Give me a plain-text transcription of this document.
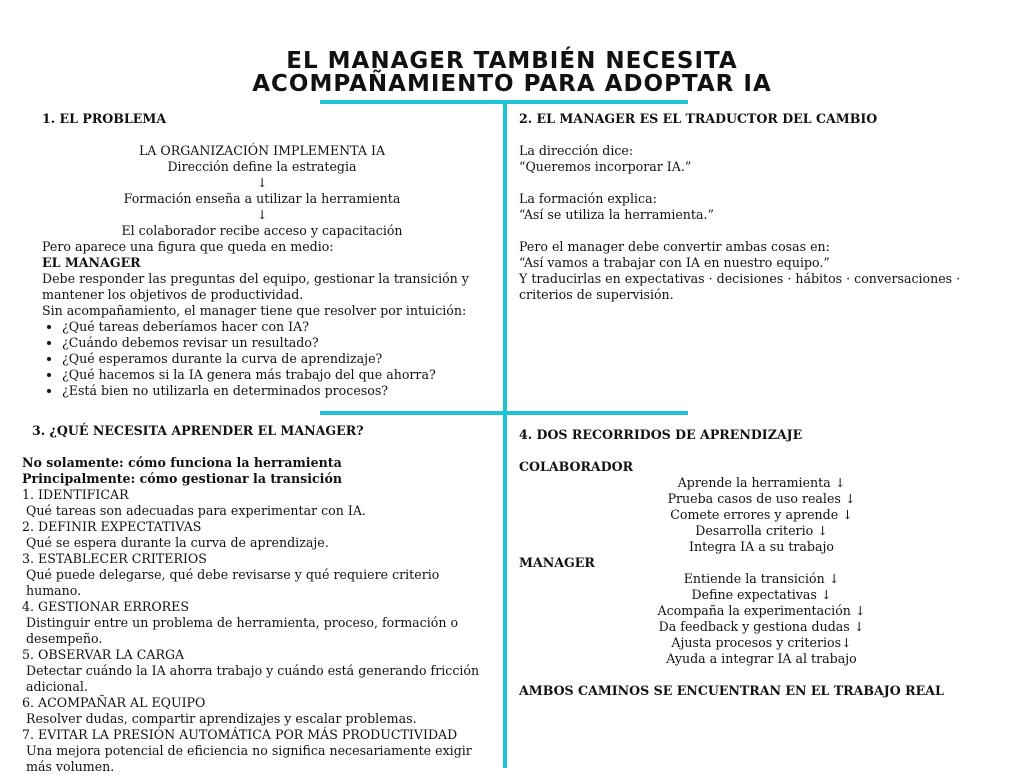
EL MANAGER TAMBIÉN NECESITA
ACOMPAÑAMIENTO PARA ADOPTAR IA
1. EL PROBLEMA
LA ORGANIZACIÓN IMPLEMENTA IA
Dirección define la estrategia
↓
Formación enseña a utilizar la herramienta
↓
El colaborador recibe acceso y capacitación

Pero aparece una figura que queda en medio:

EL MANAGER

Debe responder las preguntas del equipo, gestionar la transición y mantener los objetivos de productividad.

Sin acompañamiento, el manager tiene que resolver por intuición:

• ¿Qué tareas deberíamos hacer con IA?
• ¿Cuándo debemos revisar un resultado?
• ¿Qué esperamos durante la curva de aprendizaje?
• ¿Qué hacemos si la IA genera más trabajo del que ahorra?
• ¿Está bien no utilizarla en determinados procesos?
2. EL MANAGER ES EL TRADUCTOR DEL CAMBIO

La dirección dice:

“Queremos incorporar IA.”

La formación explica:

“Así se utiliza la herramienta.”

Pero el manager debe convertir ambas cosas en:

“Así vamos a trabajar con IA en nuestro equipo.”

Y traducirlas en expectativas · decisiones · hábitos · conversaciones · criterios de supervisión.

3. ¿QUÉ NECESITA APRENDER EL MANAGER?

No solamente: cómo funciona la herramienta

Principalmente: cómo gestionar la transición

1. IDENTIFICAR

Qué tareas son adecuadas para experimentar con IA.

2. DEFINIR EXPECTATIVAS

Qué se espera durante la curva de aprendizaje.

3. ESTABLECER CRITERIOS

Qué puede delegarse, qué debe revisarse y qué requiere criterio humano.

4. GESTIONAR ERRORES

Distinguir entre un problema de herramienta, proceso, formación o desempeño.

5. OBSERVAR LA CARGA

Detectar cuándo la IA ahorra trabajo y cuándo está generando fricción adicional.

6. ACOMPAÑAR AL EQUIPO

Resolver dudas, compartir aprendizajes y escalar problemas.

7. EVITAR LA PRESIÓN AUTOMÁTICA POR MÁS PRODUCTIVIDAD

Una mejora potencial de eficiencia no significa necesariamente exigir más volumen.

4. DOS RECORRIDOS DE APRENDIZAJE

COLABORADOR

Aprende la herramienta ↓
Prueba casos de uso reales ↓
Comete errores y aprende ↓
Desarrolla criterio ↓
Integra IA a su trabajo

MANAGER

Entiende la transición ↓
Define expectativas ↓
Acompaña la experimentación ↓
Da feedback y gestiona dudas ↓
Ajusta procesos y criterios↓
Ayuda a integrar IA al trabajo

AMBOS CAMINOS SE ENCUENTRAN EN EL TRABAJO REAL
